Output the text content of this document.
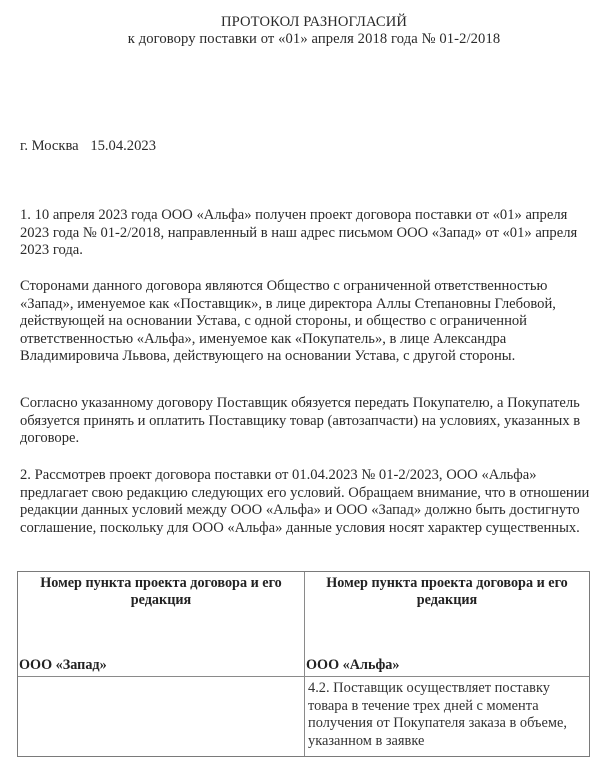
ПРОТОКОЛ РАЗНОГЛАСИЙ
к договору поставки от «01» апреля 2018 года № 01-2/2018
г. Москва 15.04.2023

1. 10 апреля 2023 года ООО «Альфа» получен проект договора поставки от «01» апреля 2023 года № 01-2/2018, направленный в наш адрес письмом ООО «Запад» от «01» апреля 2023 года.

Сторонами данного договора являются Общество с ограниченной ответственностью «Запад», именуемое как «Поставщик», в лице директора Аллы Степановны Глебовой, действующей на основании Устава, с одной стороны, и общество с ограниченной ответственностью «Альфа», именуемое как «Покупатель», в лице Александра Владимировича Львова, действующего на основании Устава, с другой стороны.

Согласно указанному договору Поставщик обязуется передать Покупателю, а Покупатель обязуется принять и оплатить Поставщику товар (автозапчасти) на условиях, указанных в договоре.

2. Рассмотрев проект договора поставки от 01.04.2023 № 01-2/2023, ООО «Альфа» предлагает свою редакцию следующих его условий. Обращаем внимание, что в отношении редакции данных условий между ООО «Альфа» и ООО «Запад» должно быть достигнуто соглашение, поскольку для ООО «Альфа» данные условия носят характер существенных.

Номер пункта проекта договора и его редакция
ООО «Запад»
Номер пункта проекта договора и его редакция
ООО «Альфа»
4.2. Поставщик осуществляет поставку товара в течение трех дней с момента получения от Покупателя заказа в объеме, указанном в заявке
